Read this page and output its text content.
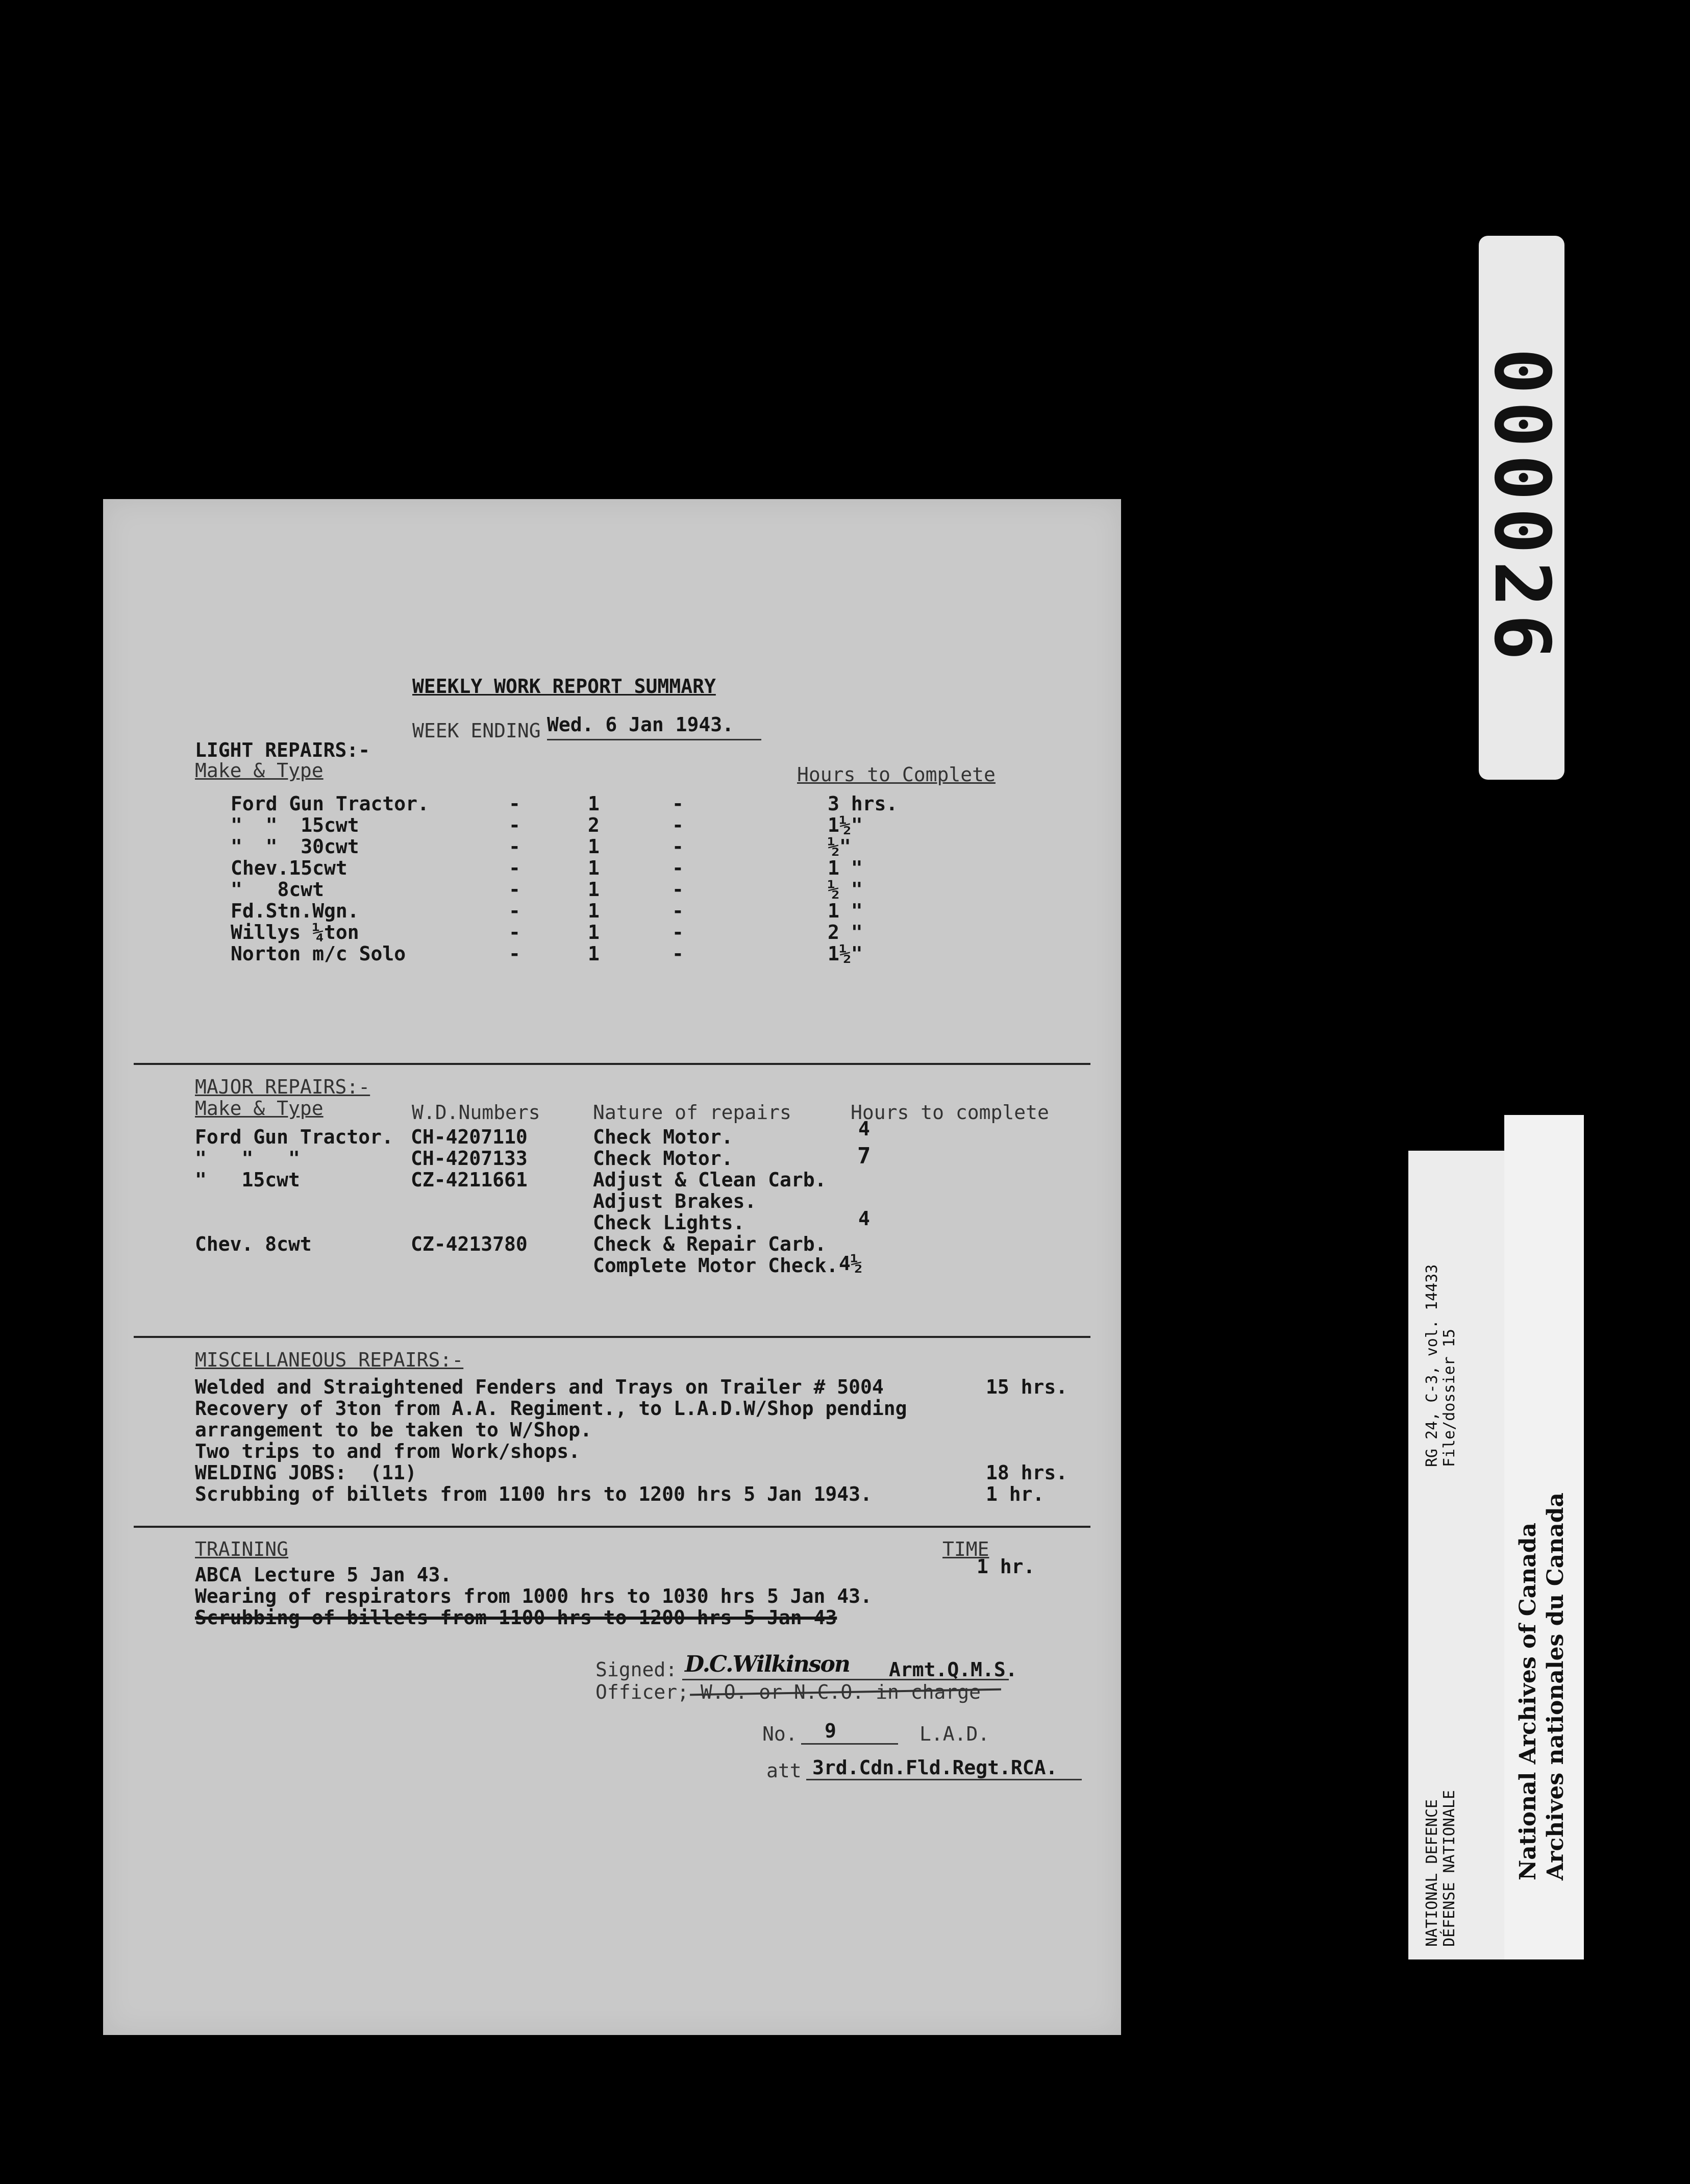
WEEKLY WORK REPORT SUMMARY
WEEK ENDING Wed. 6 Jan 1943.
LIGHT REPAIRS:-
Make & Type	Hours to Complete
Ford Gun Tractor.	-	1	-	3 hrs.
"  "  15cwt	-	2	-	1½"
"  "  30cwt	-	1	-	½"
Chev.15cwt	-	1	-	1 "
"   8cwt	-	1	-	½ "
Fd.Stn.Wgn.	-	1	-	1 "
Willys ¼ton	-	1	-	2 "
Norton m/c Solo	-	1	-	1½"
MAJOR REPAIRS:-
Make & Type	W.D.Numbers	Nature of repairs	Hours to complete
Ford Gun Tractor. CH-4207110	Check Motor.	4
"   "   "	CH-4207133	Check Motor.	7
"   15cwt	CZ-4211661	Adjust & Clean Carb.
Adjust Brakes.
Check Lights.	4
Chev. 8cwt	CZ-4213780	Check & Repair Carb.
Complete Motor Check. 4½
MISCELLANEOUS REPAIRS:-
Welded and Straightened Fenders and Trays on Trailer # 5004	15 hrs.
Recovery of 3ton from A.A. Regiment., to L.A.D.W/Shop pending
arrangement to be taken to W/Shop.
Two trips to and from Work/shops.
WELDING JOBS:  (11)	18 hrs.
Scrubbing of billets from 1100 hrs to 1200 hrs 5 Jan 1943.	1 hr.
TRAINING	TIME
ABCA Lecture 5 Jan 43.	1 hr.
Wearing of respirators from 1000 hrs to 1030 hrs 5 Jan 43.
Scrubbing of billets from 1100 hrs to 1200 hrs 5 Jan 43
Signed: D.C.Wilkinson Armt.Q.M.S.
Officer; W.O. or N.C.O. in charge
No. 9	L.A.D.
att 3rd.Cdn.Fld.Regt.RCA.
000026
RG 24, C-3, vol. 14433 File/dossier 15
NATIONAL DEFENCE DÉFENSE NATIONALE	National Archives of Canada Archives nationales du Canada
